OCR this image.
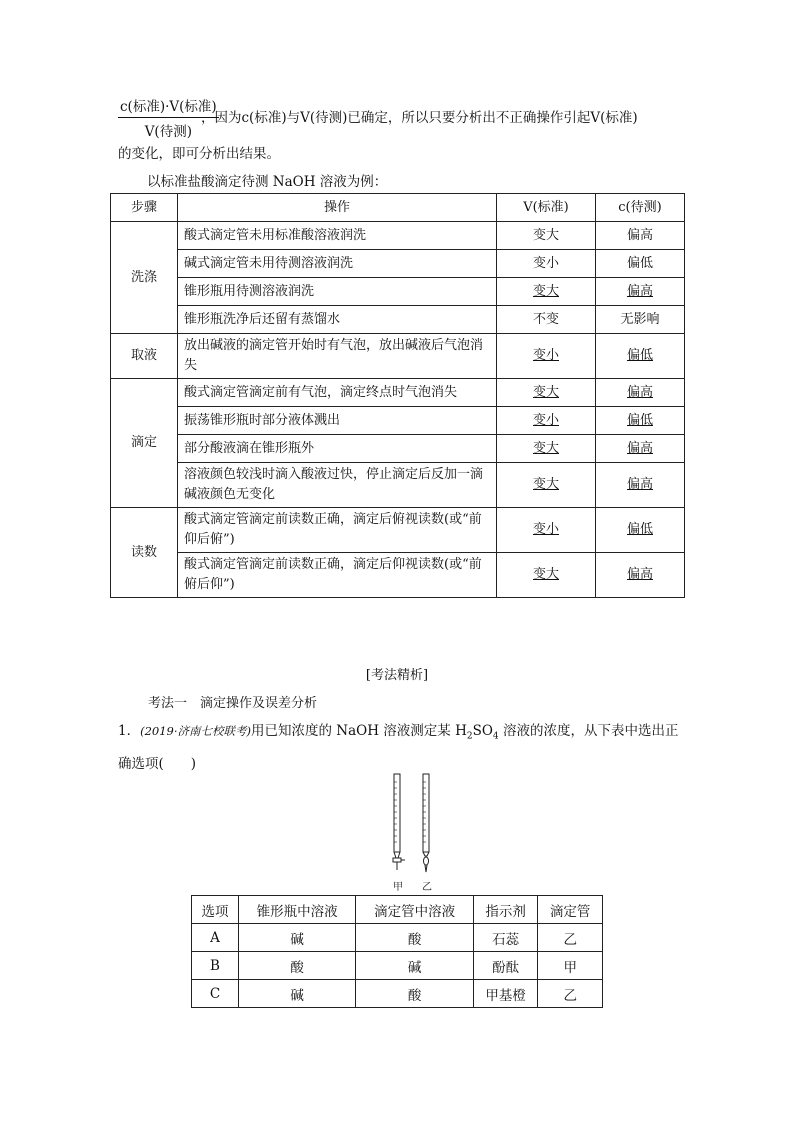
$\frac{\text{c(标准)·V(标准)}}{\text{V(待测)}}$
，因为c(标准)与V(待测)已确定，所以只要分析出不正确操作引起V(标准)
的变化，即可分析出结果。
以标准盐酸滴定待测 NaOH 溶液为例：
步骤	操作	V(标准)	c(待测)
洗涤	酸式滴定管未用标准酸溶液润洗	变大	偏高
	碱式滴定管未用待测溶液润洗	变小	偏低
	锥形瓶用待测溶液润洗	变大	偏高
	锥形瓶洗净后还留有蒸馏水	不变	无影响
取液	放出碱液的滴定管开始时有气泡，放出碱液后气泡消失	变小	偏低
滴定	酸式滴定管滴定前有气泡，滴定终点时气泡消失	变大	偏高
	振荡锥形瓶时部分液体溅出	变小	偏低
	部分酸液滴在锥形瓶外	变大	偏高
	溶液颜色较浅时滴入酸液过快，停止滴定后反加一滴碱液颜色无变化	变大	偏高
读数	酸式滴定管滴定前读数正确，滴定后俯视读数(或“前仰后俯”)	变小	偏低
	酸式滴定管滴定前读数正确，滴定后仰视读数(或“前俯后仰”)	变大	偏高
[考法精析]
考法一　滴定操作及误差分析
1．(2019·济南七校联考)用已知浓度的 NaOH 溶液测定某 $H_2SO_4$ 溶液的浓度，从下表中选出正确选项(　　)
甲 乙
选项	锥形瓶中溶液	滴定管中溶液	指示剂	滴定管
A	碱	酸	石蕊	乙
B	酸	碱	酚酞	甲
C	碱	酸	甲基橙	乙
